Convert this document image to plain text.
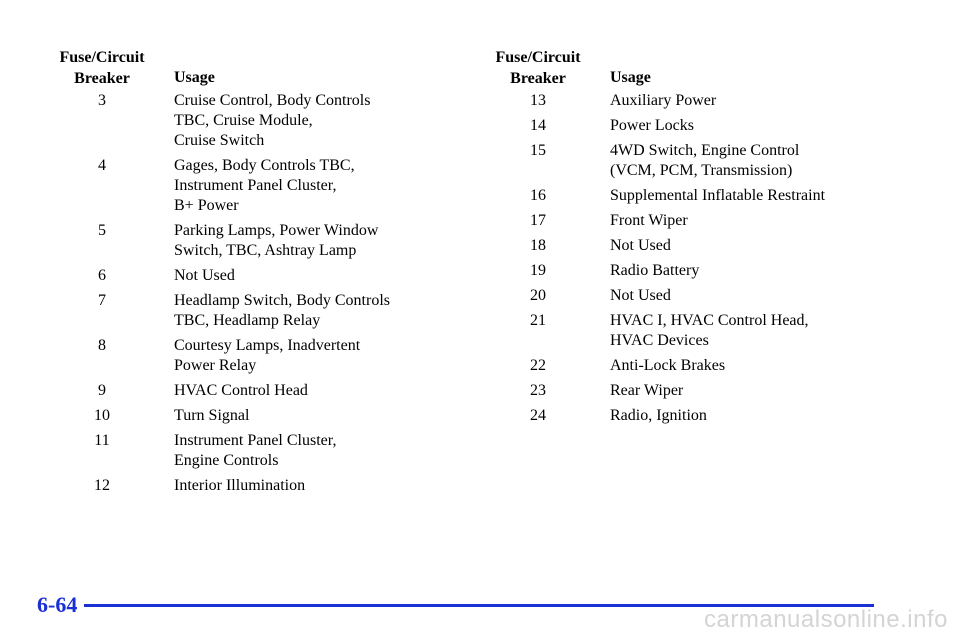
Fuse/Circuit
Breaker	Usage
3	Cruise Control, Body Controls
TBC, Cruise Module,
Cruise Switch
4	Gages, Body Controls TBC,
Instrument Panel Cluster,
B+ Power
5	Parking Lamps, Power Window
Switch, TBC, Ashtray Lamp
6	Not Used
7	Headlamp Switch, Body Controls
TBC, Headlamp Relay
8	Courtesy Lamps, Inadvertent
Power Relay
9	HVAC Control Head
10	Turn Signal
11	Instrument Panel Cluster,
Engine Controls
12	Interior Illumination
Fuse/Circuit
Breaker	Usage
13	Auxiliary Power
14	Power Locks
15	4WD Switch, Engine Control
(VCM, PCM, Transmission)
16	Supplemental Inflatable Restraint
17	Front Wiper
18	Not Used
19	Radio Battery
20	Not Used
21	HVAC I, HVAC Control Head,
HVAC Devices
22	Anti-Lock Brakes
23	Rear Wiper
24	Radio, Ignition
6-64
carmanualsonline.info
